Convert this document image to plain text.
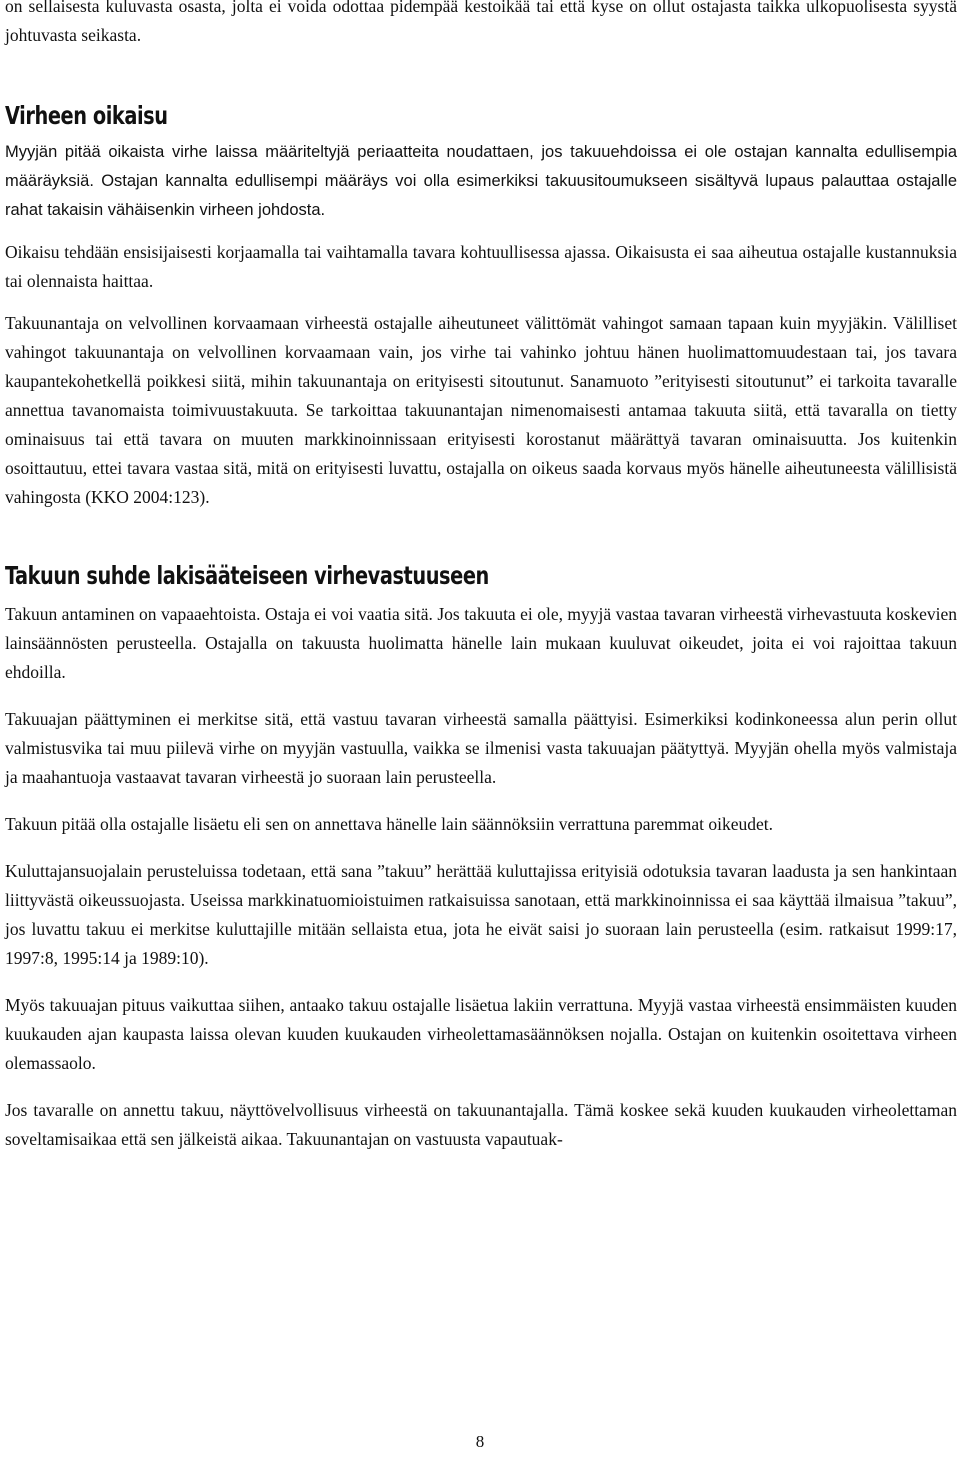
on sellaisesta kuluvasta osasta, jolta ei voida odottaa pidempää kestoikää tai että kyse on ollut ostajasta taikka ulkopuolisesta syystä johtuvasta seikasta.

Virheen oikaisu

Myyjän pitää oikaista virhe laissa määriteltyjä periaatteita noudattaen, jos takuuehdoissa ei ole ostajan kannalta edullisempia määräyksiä. Ostajan kannalta edullisempi määräys voi olla esimerkiksi takuusitoumukseen sisältyvä lupaus palauttaa ostajalle rahat takaisin vähäisenkin virheen johdosta.

Oikaisu tehdään ensisijaisesti korjaamalla tai vaihtamalla tavara kohtuullisessa ajassa. Oikaisusta ei saa aiheutua ostajalle kustannuksia tai olennaista haittaa.

Takuunantaja on velvollinen korvaamaan virheestä ostajalle aiheutuneet välittömät vahingot samaan tapaan kuin myyjäkin. Välilliset vahingot takuunantaja on velvollinen korvaamaan vain, jos virhe tai vahinko johtuu hänen huolimattomuudestaan tai, jos tavara kaupantekohetkellä poikkesi siitä, mihin takuunantaja on erityisesti sitoutunut. Sanamuoto ”erityisesti sitoutunut” ei tarkoita tavaralle annettua tavanomaista toimivuustakuuta. Se tarkoittaa takuunantajan nimenomaisesti antamaa takuuta siitä, että tavaralla on tietty ominaisuus tai että tavara on muuten markkinoinnissaan erityisesti korostanut määrättyä tavaran ominaisuutta. Jos kuitenkin osoittautuu, ettei tavara vastaa sitä, mitä on erityisesti luvattu, ostajalla on oikeus saada korvaus myös hänelle aiheutuneesta välillisistä vahingosta (KKO 2004:123).

Takuun suhde lakisääteiseen virhevastuuseen

Takuun antaminen on vapaaehtoista. Ostaja ei voi vaatia sitä. Jos takuuta ei ole, myyjä vastaa tavaran virheestä virhevastuuta koskevien lainsäännösten perusteella. Ostajalla on takuusta huolimatta hänelle lain mukaan kuuluvat oikeudet, joita ei voi rajoittaa takuun ehdoilla.

Takuuajan päättyminen ei merkitse sitä, että vastuu tavaran virheestä samalla päättyisi. Esimerkiksi kodinkoneessa alun perin ollut valmistusvika tai muu piilevä virhe on myyjän vastuulla, vaikka se ilmenisi vasta takuuajan päätyttyä. Myyjän ohella myös valmistaja ja maahantuoja vastaavat tavaran virheestä jo suoraan lain perusteella.

Takuun pitää olla ostajalle lisäetu eli sen on annettava hänelle lain säännöksiin verrattuna paremmat oikeudet.

Kuluttajansuojalain perusteluissa todetaan, että sana ”takuu” herättää kuluttajissa erityisiä odotuksia tavaran laadusta ja sen hankintaan liittyvästä oikeussuojasta. Useissa markkinatuomioistuimen ratkaisuissa sanotaan, että markkinoinnissa ei saa käyttää ilmaisua ”takuu”, jos luvattu takuu ei merkitse kuluttajille mitään sellaista etua, jota he eivät saisi jo suoraan lain perusteella (esim. ratkaisut 1999:17, 1997:8, 1995:14 ja 1989:10).

Myös takuuajan pituus vaikuttaa siihen, antaako takuu ostajalle lisäetua lakiin verrattuna. Myyjä vastaa virheestä ensimmäisten kuuden kuukauden ajan kaupasta laissa olevan kuuden kuukauden virheolettamasäännöksen nojalla. Ostajan on kuitenkin osoitettava virheen olemassaolo.

Jos tavaralle on annettu takuu, näyttövelvollisuus virheestä on takuunantajalla. Tämä koskee sekä kuuden kuukauden virheolettaman soveltamisaikaa että sen jälkeistä aikaa. Takuunantajan on vastuusta vapautuak-

8
